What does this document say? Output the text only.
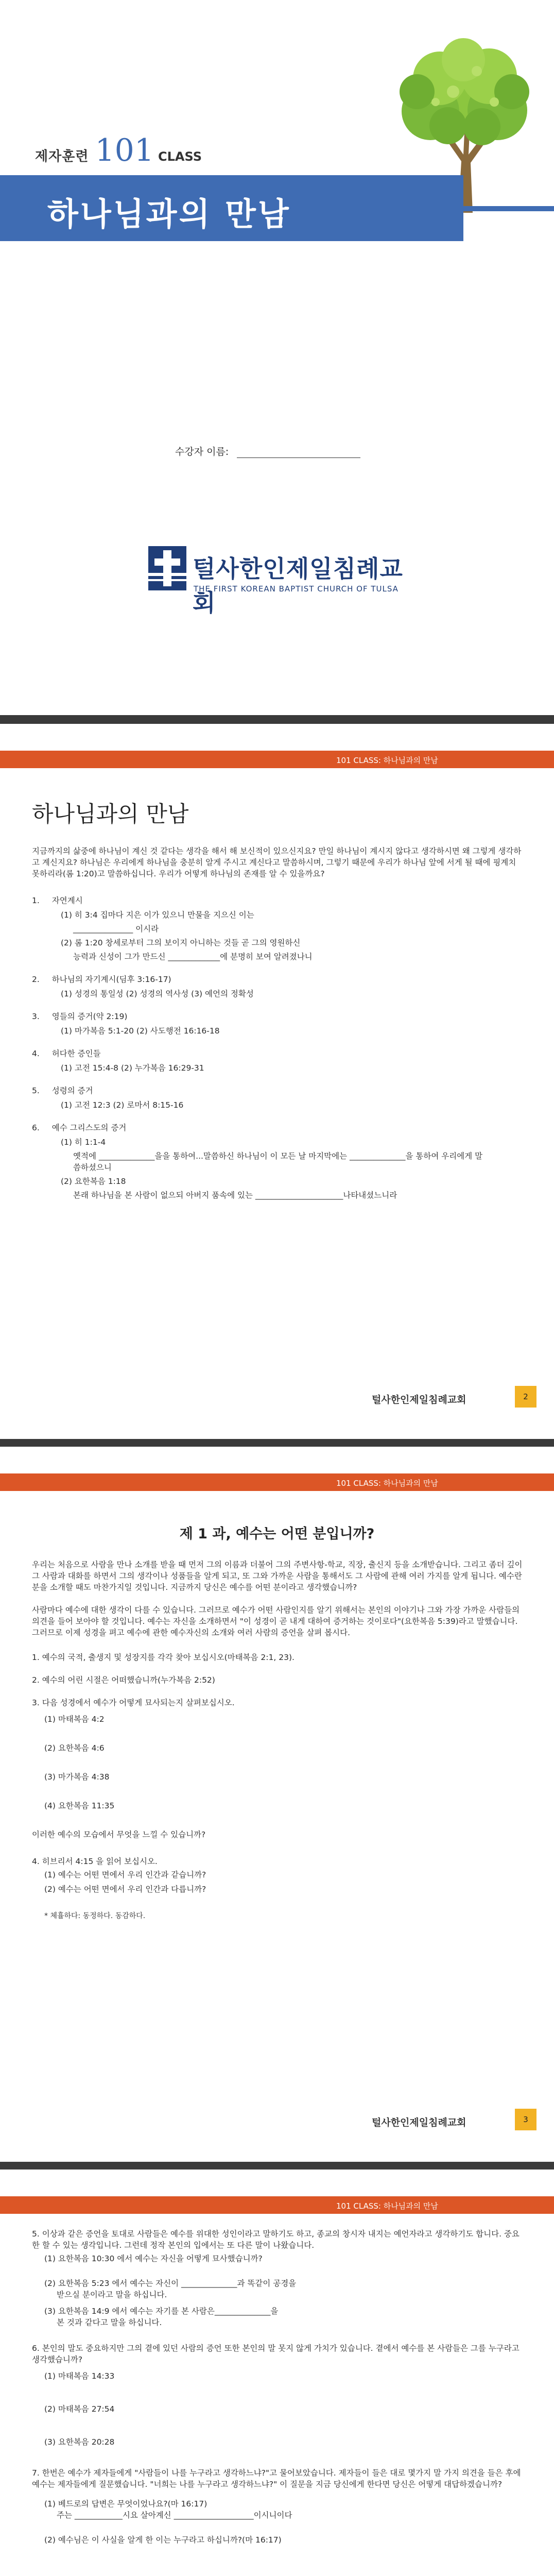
제자훈련 101 CLASS
하나님과의 만남
수강자 이름:
털사한인제일침례교회
THE FIRST KOREAN BAPTIST CHURCH OF TULSA
101 CLASS: 하나님과의 만남
하나님과의 만남

지금까지의 삶중에 하나님이 계신 것 같다는 생각을 해서 해 보신적이 있으신지요? 만일 하나님이 계시지 않다고 생각하시면 왜 그렇게 생각하고 계신지요? 하나님은 우리에게 하나님을 충분히 알게 주시고 계신다고 말씀하시며, 그렇기 때문에 우리가 하나님 앞에 서게 될 때에 핑계치 못하리라(롬 1:20)고 말씀하십니다. 우리가 어떻게 하나님의 존재를 알 수 있을까요?

1. 자연계시
(1) 히 3:4 집마다 지은 이가 있으니 만물을 지으신 이는
_______________ 이시라
(2) 롬 1:20 창세로부터 그의 보이지 아니하는 것들 곧 그의 영원하신
능력과 신성이 그가 만드신 _____________에 분명히 보여 알려졌나니
2. 하나님의 자기계시(딤후 3:16-17)
(1) 성경의 통일성 (2) 성경의 역사성 (3) 예언의 정확성
3. 영들의 증거(약 2:19)
(1) 마가복음 5:1-20 (2) 사도행전 16:16-18
4. 허다한 증인들
(1) 고전 15:4-8 (2) 누가복음 16:29-31
5. 성령의 증거
(1) 고전 12:3 (2) 로마서 8:15-16
6. 예수 그리스도의 증거
(1) 히 1:1-4
옛적에 ______________을을 통하여...말씀하신 하나님이 이 모든 날 마지막에는 ______________을 통하여 우리에게 말씀하셨으니
(2) 요한복음 1:18
본래 하나님을 본 사람이 없으되 아버지 품속에 있는 ______________________나타내셨느니라
털사한인제일침례교회	2
101 CLASS: 하나님과의 만남
제 1 과, 예수는 어떤 분입니까?

우리는 처음으로 사람을 만나 소개를 받을 때 먼저 그의 이름과 더불어 그의 주변사항-학교, 직장, 출신지 등을 소개받습니다. 그리고 좀더 깊이 그 사람과 대화를 하면서 그의 생각이나 성품들을 알게 되고, 또 그와 가까운 사람을 통해서도 그 사람에 관해 여러 가지를 알게 됩니다. 예수란 분을 소개할 때도 마찬가지일 것입니다. 지금까지 당신은 예수를 어떤 분이라고 생각했습니까?

사람마다 예수에 대한 생각이 다를 수 있습니다. 그러므로 예수가 어떤 사람인지를 알기 위해서는 본인의 이야기나 그와 가장 가까운 사람들의 의견을 들어 보아야 할 것입니다. 예수는 자신을 소개하면서 "이 성경이 곧 내게 대하여 증거하는 것이로다"(요한복음 5:39)라고 말했습니다. 그러므로 이제 성경을 펴고 예수에 관한 예수자신의 소개와 여러 사람의 증언을 살펴 봅시다.

1. 예수의 국적, 출생지 및 성장지를 각각 찾아 보십시오(마태복음 2:1, 23).
2. 예수의 어린 시절은 어떠했습니까(누가복음 2:52)
3. 다음 성경에서 예수가 어떻게 묘사되는지 살펴보십시오.
(1) 마태복음 4:2
(2) 요한복음 4:6
(3) 마가복음 4:38
(4) 요한복음 11:35
이러한 예수의 모습에서 무엇을 느낄 수 있습니까?
4. 히브리서 4:15 을 읽어 보십시오.
(1) 예수는 어떤 면에서 우리 인간과 같습니까?
(2) 예수는 어떤 면에서 우리 인간과 다릅니까?
* 체휼하다: 동정하다. 동감하다.
털사한인제일침례교회	3
101 CLASS: 하나님과의 만남
5. 이상과 같은 증언을 토대로 사람들은 예수를 위대한 성인이라고 말하기도 하고, 종교의 창시자 내지는 예언자라고 생각하기도 합니다. 중요한 할 수 있는 생각입니다. 그런데 정작 본인의 입에서는 또 다른 말이 나왔습니다.
(1) 요한복음 10:30 에서 예수는 자신을 어떻게 묘사했습니까?
(2) 요한복음 5:23 에서 예수는 자신이 ______________과 똑같이 공경을
받으실 분이라고 말을 하십니다.
(3) 요한복음 14:9 에서 예수는 자기를 본 사람은______________을
본 것과 같다고 말을 하십니다.
6. 본인의 말도 중요하지만 그의 곁에 있던 사람의 증언 또한 본인의 말 못지 않게 가치가 있습니다. 곁에서 예수를 본 사람들은 그를 누구라고 생각했습니까?
(1) 마태복음 14:33
(2) 마태복음 27:54
(3) 요한복음 20:28
7. 한번은 예수가 제자들에게 "사람들이 나를 누구라고 생각하느냐?"고 물어보았습니다. 제자들이 들은 대로 몇가지 말 가지 의견을 들은 후에 예수는 제자들에게 질문했습니다. "너희는 나를 누구라고 생각하느냐?" 이 질문을 지금 당신에게 한다면 당신은 어떻게 대답하겠습니까?
(1) 베드로의 답변은 무엇이었나요?(마 16:17)
주는 ____________시요 살아계신 ____________________이시니이다
(2) 예수님은 이 사실을 알게 한 이는 누구라고 하십니까?(마 16:17)
